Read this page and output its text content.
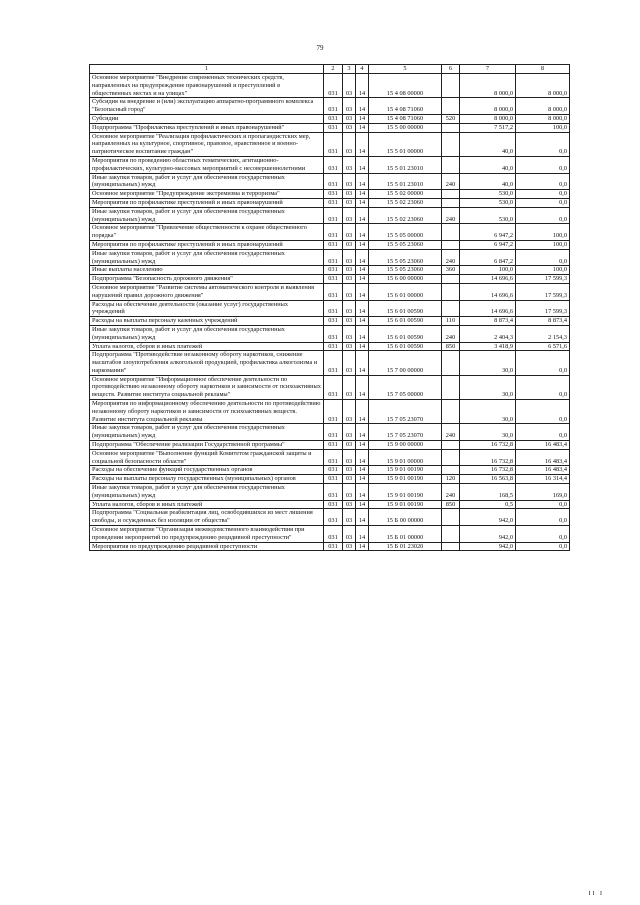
79
1	2	3	4	5	6	7	8
Основное мероприятие "Внедрение современных технических средств, направленных на предупреждение правонарушений и преступлений в общественных местах и на улицах"	031	03	14	15 4 08 00000		8 000,0	8 000,0
Субсидия на внедрение и (или) эксплуатацию аппаратно-программного комплекса "Безопасный город"	031	03	14	15 4 08 71060		8 000,0	8 000,0
Субсидии	031	03	14	15 4 08 71060	520	8 000,0	8 000,0
Подпрограмма "Профилактика преступлений и иных правонарушений"	031	03	14	15 5 00 00000		7 517,2	100,0
Основное мероприятие "Реализация профилактических и пропагандистских мер, направленных на культурное, спортивное, правовое, нравственное и военно-патриотическое воспитание граждан"	031	03	14	15 5 01 00000		40,0	0,0
Мероприятия по проведению областных тематических, агитационно-профилактических, культурно-массовых мероприятий с несовершеннолетними	031	03	14	15 5 01 23010		40,0	0,0
Иные закупки товаров, работ и услуг для обеспечения государственных (муниципальных) нужд	031	03	14	15 5 01 23010	240	40,0	0,0
Основное мероприятие "Предупреждение экстремизма и терроризма"	031	03	14	15 5 02 00000		530,0	0,0
Мероприятия по профилактике преступлений и иных правонарушений	031	03	14	15 5 02 23060		530,0	0,0
Иные закупки товаров, работ и услуг для обеспечения государственных (муниципальных) нужд	031	03	14	15 5 02 23060	240	530,0	0,0
Основное мероприятие "Привлечение общественности к охране общественного порядка"	031	03	14	15 5 05 00000		6 947,2	100,0
Мероприятия по профилактике преступлений и иных правонарушений	031	03	14	15 5 05 23060		6 947,2	100,0
Иные закупки товаров, работ и услуг для обеспечения государственных (муниципальных) нужд	031	03	14	15 5 05 23060	240	6 847,2	0,0
Иные выплаты населению	031	03	14	15 5 05 23060	360	100,0	100,0
Подпрограмма "Безопасность дорожного движения"	031	03	14	15 6 00 00000		14 696,6	17 599,3
Основное мероприятие "Развитие системы автоматического контроля и выявления нарушений правил дорожного движения"	031	03	14	15 6 01 00000		14 696,6	17 599,3
Расходы на обеспечение деятельности (оказание услуг) государственных учреждений	031	03	14	15 6 01 00590		14 696,6	17 599,3
Расходы на выплаты персоналу казенных учреждений	031	03	14	15 6 01 00590	110	8 873,4	8 873,4
Иные закупки товаров, работ и услуг для обеспечения государственных (муниципальных) нужд	031	03	14	15 6 01 00590	240	2 404,3	2 154,3
Уплата налогов, сборов и иных платежей	031	03	14	15 6 01 00590	850	3 418,9	6 571,6
Подпрограмма "Противодействие незаконному обороту наркотиков, снижение масштабов злоупотребления алкогольной продукцией, профилактика алкоголизма и наркомании"	031	03	14	15 7 00 00000		30,0	0,0
Основное мероприятие "Информационное обеспечение деятельности по противодействию незаконному обороту наркотиков и зависимости от психоактивных веществ. Развитие института социальной рекламы"	031	03	14	15 7 05 00000		30,0	0,0
Мероприятия по информационному обеспечению деятельности по противодействию незаконному обороту наркотиков и зависимости от психоактивных веществ. Развитие института социальной рекламы	031	03	14	15 7 05 23070		30,0	0,0
Иные закупки товаров, работ и услуг для обеспечения государственных (муниципальных) нужд	031	03	14	15 7 05 23070	240	30,0	0,0
Подпрограмма "Обеспечение реализации Государственной программы"	031	03	14	15 9 00 00000		16 732,8	16 483,4
Основное мероприятие "Выполнение функций Комитетом гражданской защиты и социальной безопасности области"	031	03	14	15 9 01 00000		16 732,8	16 483,4
Расходы на обеспечение функций государственных органов	031	03	14	15 9 01 00190		16 732,8	16 483,4
Расходы на выплаты персоналу государственных (муниципальных) органов	031	03	14	15 9 01 00190	120	16 563,8	16 314,4
Иные закупки товаров, работ и услуг для обеспечения государственных (муниципальных) нужд	031	03	14	15 9 01 00190	240	168,5	169,0
Уплата налогов, сборов и иных платежей	031	03	14	15 9 01 00190	850	0,5	0,0
Подпрограмма "Социальная реабилитация лиц, освободившихся из мест лишения свободы, и осужденных без изоляции от общества"	031	03	14	15 Б 00 00000		942,0	0,0
Основное мероприятие "Организация межведомственного взаимодействия при проведении мероприятий по предупреждению рецидивной преступности"	031	03	14	15 Б 01 00000		942,0	0,0
Мероприятия по предупреждению рецидивной преступности	031	03	14	15 Б 01 23020		942,0	0,0
II I
